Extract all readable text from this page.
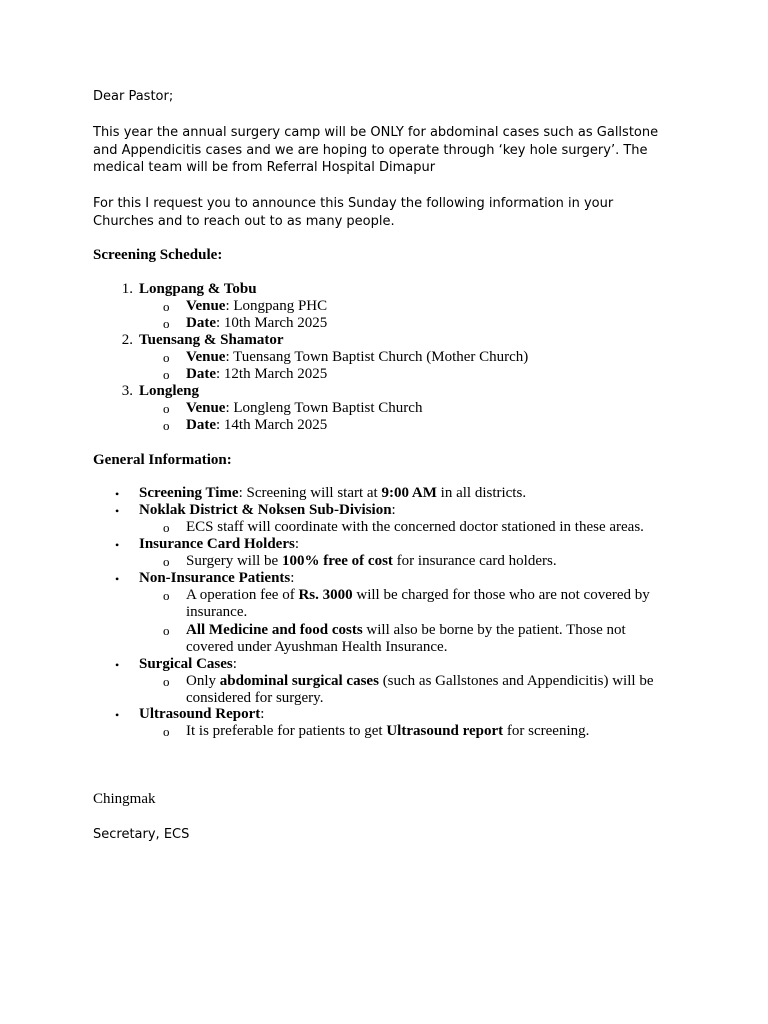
Dear Pastor;

This year the annual surgery camp will be ONLY for abdominal cases such as Gallstone and Appendicitis cases and we are hoping to operate through ‘key hole surgery’. The medical team will be from Referral Hospital Dimapur

For this I request you to announce this Sunday the following information in your Churches and to reach out to as many people.

Screening Schedule:
1. Longpang & Tobu
o Venue: Longpang PHC
o Date: 10th March 2025
2. Tuensang & Shamator
o Venue: Tuensang Town Baptist Church (Mother Church)
o Date: 12th March 2025
3. Longleng
o Venue: Longleng Town Baptist Church
o Date: 14th March 2025
General Information:
• Screening Time: Screening will start at 9:00 AM in all districts.
• Noklak District & Noksen Sub-Division:
o ECS staff will coordinate with the concerned doctor stationed in these areas.
• Insurance Card Holders:
o Surgery will be 100% free of cost for insurance card holders.
• Non-Insurance Patients:
o A operation fee of Rs. 3000 will be charged for those who are not covered by
insurance.
o All Medicine and food costs will also be borne by the patient. Those not
covered under Ayushman Health Insurance.
• Surgical Cases:
o Only abdominal surgical cases (such as Gallstones and Appendicitis) will be
considered for surgery.
• Ultrasound Report:
o It is preferable for patients to get Ultrasound report for screening.
Chingmak

Secretary, ECS
